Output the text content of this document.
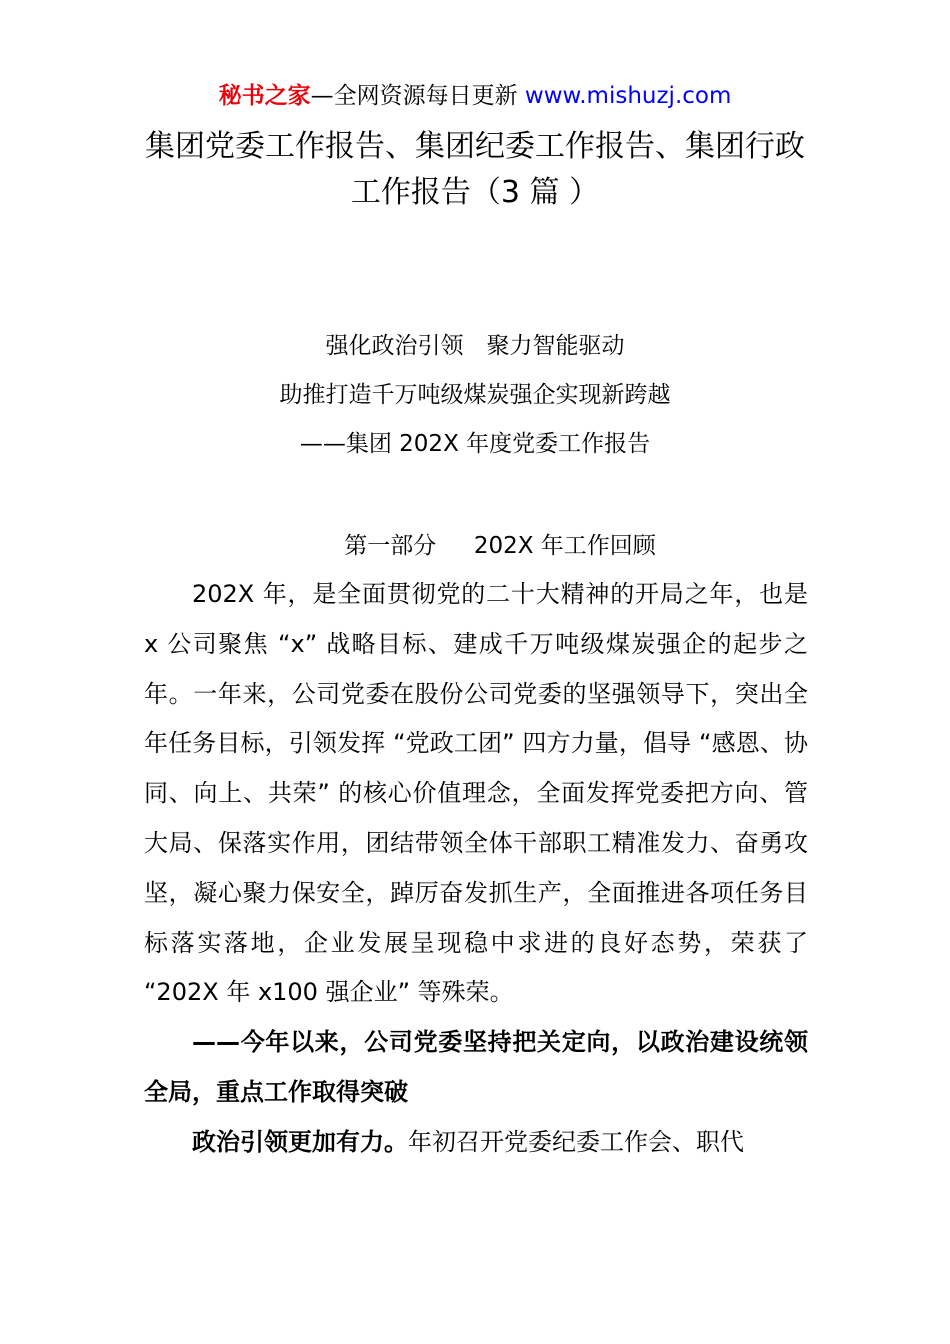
秘书之家—全网资源每日更新 www.mishuzj.com
集团党委工作报告、集团纪委工作报告、集团行政工作报告（3 篇 ）
强化政治引领　聚力智能驱动
助推打造千万吨级煤炭强企实现新跨越
——集团 202X 年度党委工作报告
第一部分　  202X 年工作回顾

202X 年，是全面贯彻党的二十大精神的开局之年，也是 x 公司聚焦 “x” 战略目标、建成千万吨级煤炭强企的起步之年。一年来，公司党委在股份公司党委的坚强领导下，突出全年任务目标，引领发挥 “党政工团” 四方力量，倡导 “感恩、协同、向上、共荣” 的核心价值理念，全面发挥党委把方向、管大局、保落实作用，团结带领全体干部职工精准发力、奋勇攻坚，凝心聚力保安全，踔厉奋发抓生产，全面推进各项任务目标落实落地，企业发展呈现稳中求进的良好态势，荣获了 “202X 年 x100 强企业” 等殊荣。

——今年以来，公司党委坚持把关定向，以政治建设统领全局，重点工作取得突破

政治引领更加有力。年初召开党委纪委工作会、职代
